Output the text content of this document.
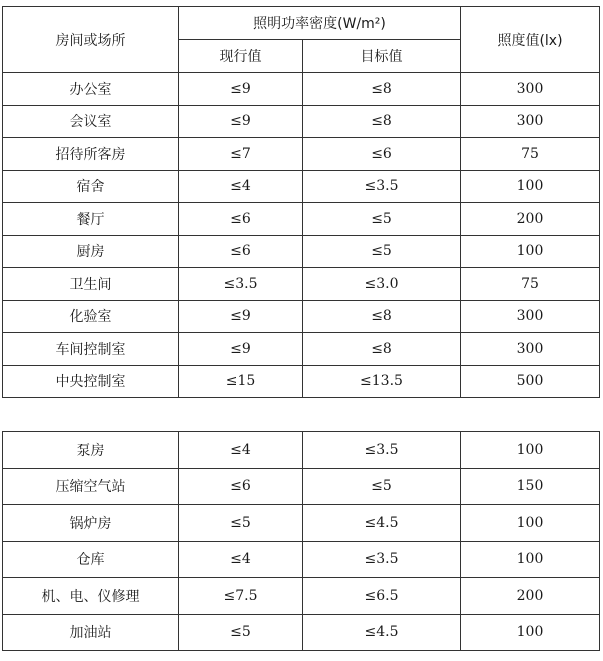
房间或场所	照明功率密度(W/m²)		照度值(lx)
	现行值	目标值	
办公室	≤9	≤8	300
会议室	≤9	≤8	300
招待所客房	≤7	≤6	75
宿舍	≤4	≤3.5	100
餐厅	≤6	≤5	200
厨房	≤6	≤5	100
卫生间	≤3.5	≤3.0	75
化验室	≤9	≤8	300
车间控制室	≤9	≤8	300
中央控制室	≤15	≤13.5	500
泵房	≤4	≤3.5	100
压缩空气站	≤6	≤5	150
锅炉房	≤5	≤4.5	100
仓库	≤4	≤3.5	100
机、电、仪修理	≤7.5	≤6.5	200
加油站	≤5	≤4.5	100
